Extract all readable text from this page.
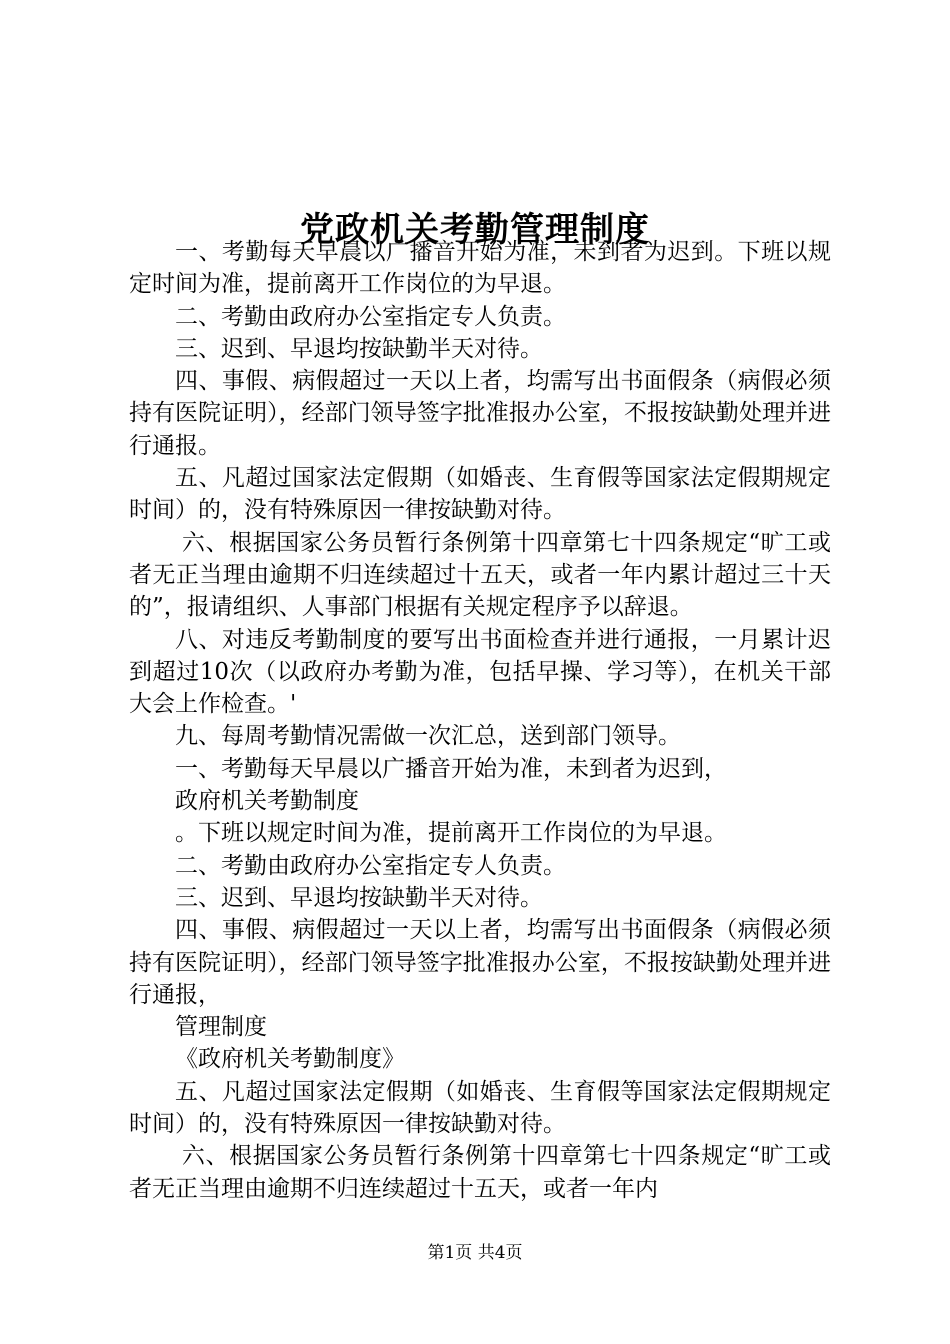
党政机关考勤管理制度

一、考勤每天早晨以广播音开始为准，未到者为迟到。下班以规定时间为准，提前离开工作岗位的为早退。

二、考勤由政府办公室指定专人负责。

三、迟到、早退均按缺勤半天对待。

四、事假、病假超过一天以上者，均需写出书面假条（病假必须持有医院证明），经部门领导签字批准报办公室，不报按缺勤处理并进行通报。

五、凡超过国家法定假期（如婚丧、生育假等国家法定假期规定时间）的，没有特殊原因一律按缺勤对待。

六、根据国家公务员暂行条例第十四章第七十四条规定“旷工或者无正当理由逾期不归连续超过十五天，或者一年内累计超过三十天的”，报请组织、人事部门根据有关规定程序予以辞退。

八、对违反考勤制度的要写出书面检查并进行通报，一月累计迟到超过10次（以政府办考勤为准，包括早操、学习等），在机关干部大会上作检查。'

九、每周考勤情况需做一次汇总，送到部门领导。

一、考勤每天早晨以广播音开始为准，未到者为迟到，

政府机关考勤制度

。下班以规定时间为准，提前离开工作岗位的为早退。

二、考勤由政府办公室指定专人负责。

三、迟到、早退均按缺勤半天对待。

四、事假、病假超过一天以上者，均需写出书面假条（病假必须持有医院证明），经部门领导签字批准报办公室，不报按缺勤处理并进行通报，

管理制度

《政府机关考勤制度》

五、凡超过国家法定假期（如婚丧、生育假等国家法定假期规定时间）的，没有特殊原因一律按缺勤对待。

六、根据国家公务员暂行条例第十四章第七十四条规定“旷工或者无正当理由逾期不归连续超过十五天，或者一年内

第1页 共4页
